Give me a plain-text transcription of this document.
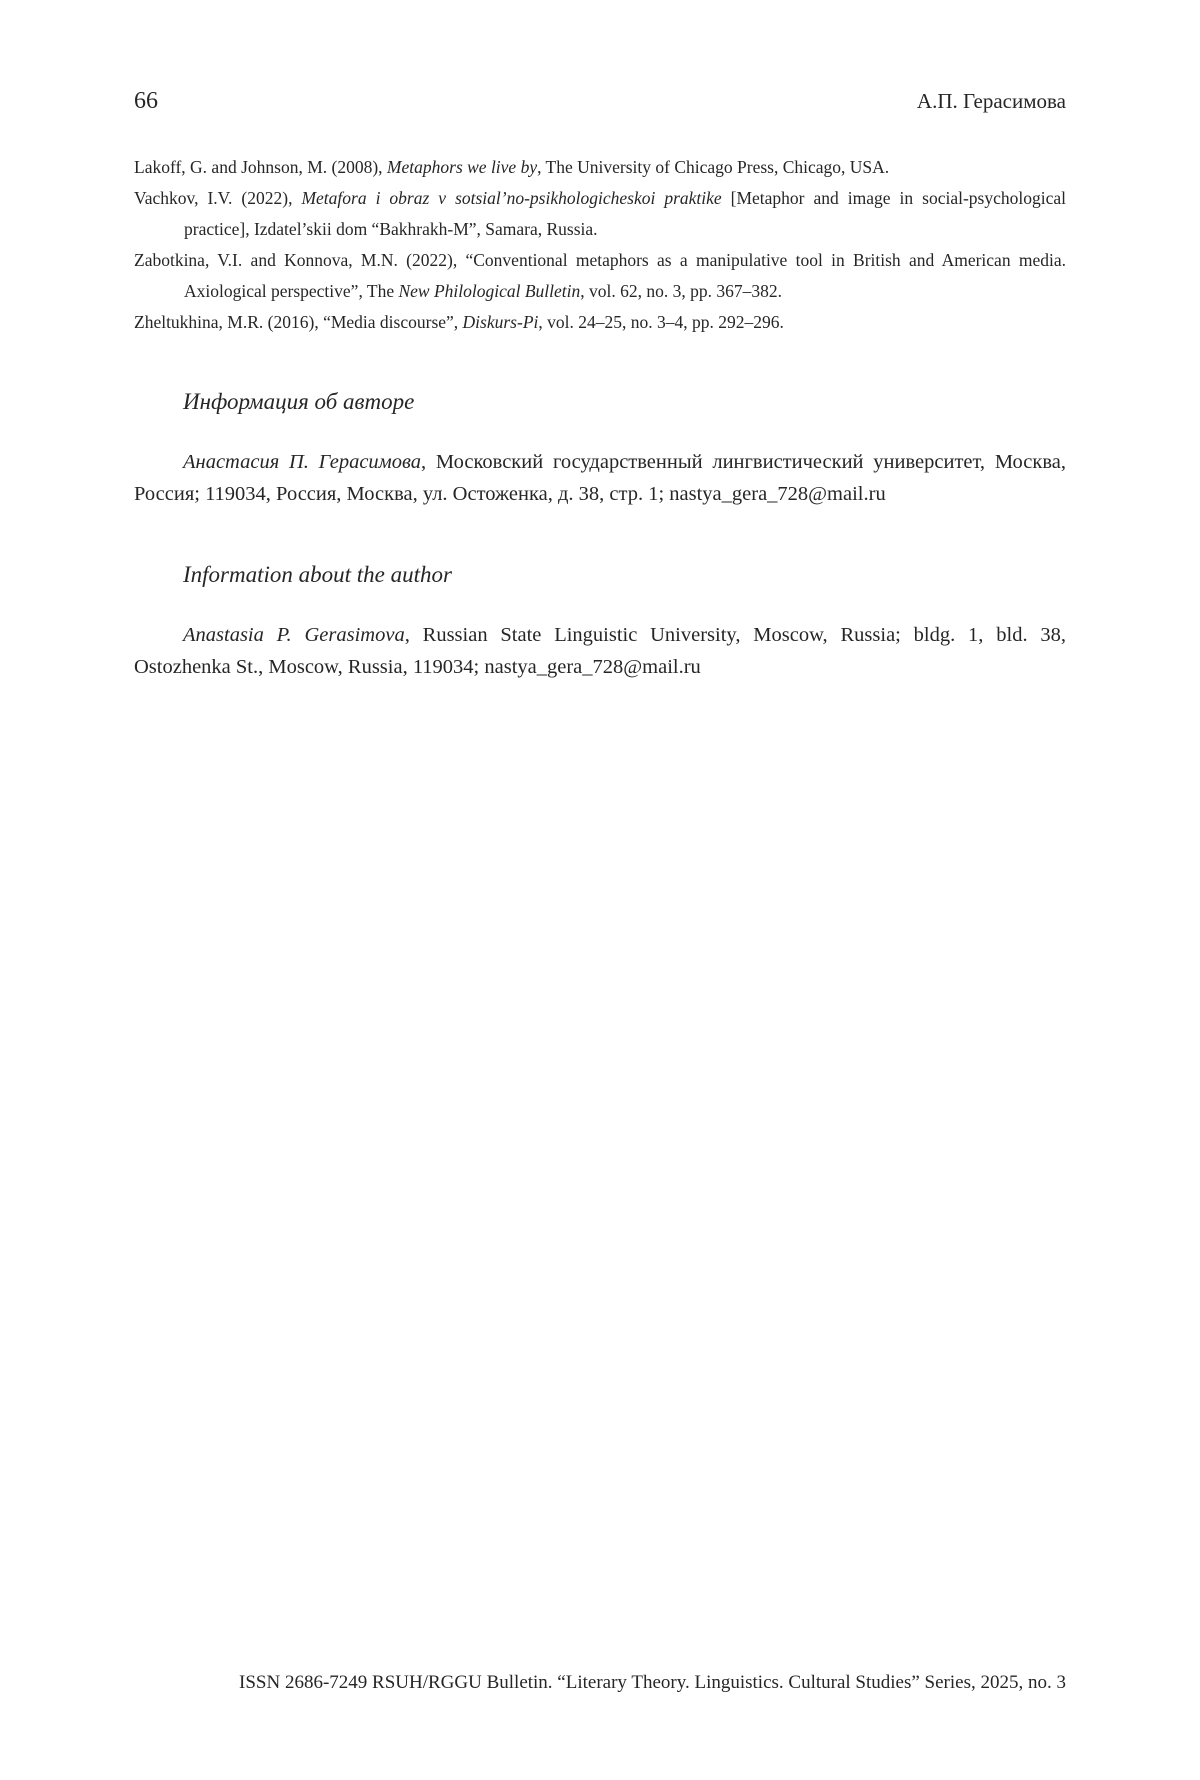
66	А.П. Герасимова
Lakoff, G. and Johnson, M. (2008), Metaphors we live by, The University of Chicago Press, Chicago, USA.
Vachkov, I.V. (2022), Metafora i obraz v sotsial’no-psikhologicheskoi praktike [Metaphor and image in social-psychological practice], Izdatel’skii dom “Bakhrakh-M”, Samara, Russia.
Zabotkina, V.I. and Konnova, M.N. (2022), “Conventional metaphors as a manipulative tool in British and American media. Axiological perspective”, The New Philological Bulletin, vol. 62, no. 3, pp. 367–382.
Zheltukhina, M.R. (2016), “Media discourse”, Diskurs-Pi, vol. 24–25, no. 3–4, pp. 292–296.
Информация об авторе

Анастасия П. Герасимова, Московский государственный лингвистический университет, Москва, Россия; 119034, Россия, Москва, ул. Остоженка, д. 38, стр. 1; nastya_gera_728@mail.ru

Information about the author

Anastasia P. Gerasimova, Russian State Linguistic University, Moscow, Russia; bldg. 1, bld. 38, Ostozhenka St., Moscow, Russia, 119034; nastya_gera_728@mail.ru

ISSN 2686-7249 RSUH/RGGU Bulletin. “Literary Theory. Linguistics. Cultural Studies” Series, 2025, no. 3
